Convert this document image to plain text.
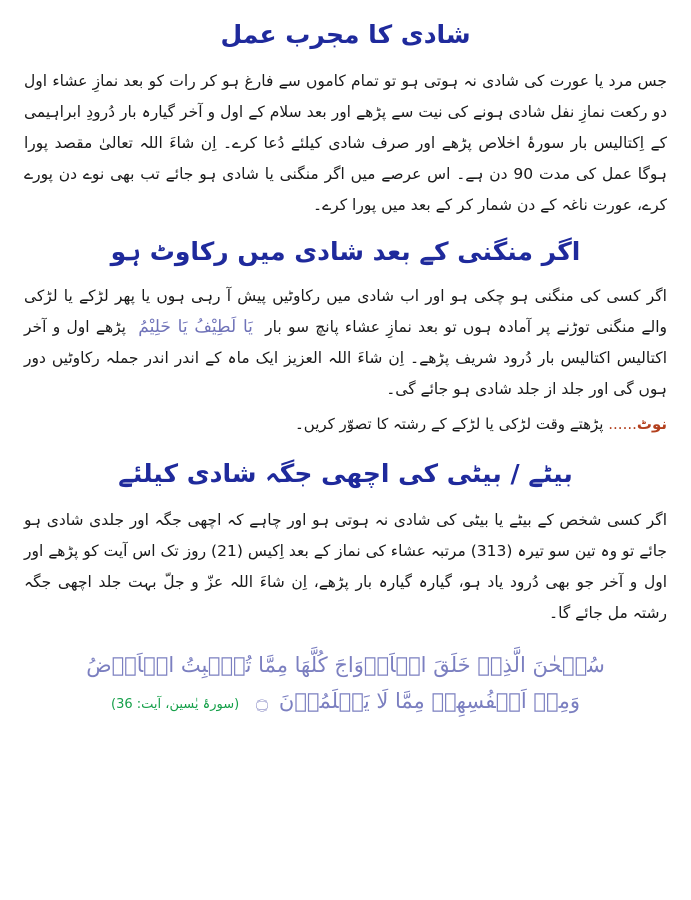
شادی کا مجرب عمل

جس مرد یا عورت کی شادی نہ ہوتی ہو تو تمام کاموں سے فارغ ہو کر رات کو بعد نمازِ عشاء اول دو رکعت نمازِ نفل شادی ہونے کی نیت سے پڑھے اور بعد سلام کے اول و آخر گیارہ بار دُرودِ ابراہیمی کے اِکتالیس بار سورۂ اخلاص پڑھے اور صرف شادی کیلئے دُعا کرے۔ اِن شاءَ اللہ تعالیٰ مقصد پورا ہوگا عمل کی مدت 90 دن ہے۔ اس عرصے میں اگر منگنی یا شادی ہو جائے تب بھی نوے دن پورے کرے، عورت ناغہ کے دن شمار کر کے بعد میں پورا کرے۔

اگر منگنی کے بعد شادی میں رکاوٹ ہو

اگر کسی کی منگنی ہو چکی ہو اور اب شادی میں رکاوٹیں پیش آ رہی ہوں یا پھر لڑکے یا لڑکی والے منگنی توڑنے پر آمادہ ہوں تو بعد نمازِ عشاء پانچ سو بار یَا لَطِیْفُ یَا حَلِیْمُ پڑھے اول و آخر اکتالیس اکتالیس بار دُرود شریف پڑھے۔ اِن شاءَ اللہ العزیز ایک ماہ کے اندر اندر جملہ رکاوٹیں دور ہوں گی اور جلد از جلد شادی ہو جائے گی۔

نوٹ...... پڑھتے وقت لڑکی یا لڑکے کے رشتہ کا تصوّر کریں۔

بیٹے / بیٹی کی اچھی جگہ شادی کیلئے

اگر کسی شخص کے بیٹے یا بیٹی کی شادی نہ ہوتی ہو اور چاہے کہ اچھی جگہ اور جلدی شادی ہو جائے تو وہ تین سو تیرہ (313) مرتبہ عشاء کی نماز کے بعد اِکیس (21) روز تک اس آیت کو پڑھے اور اول و آخر جو بھی دُرود یاد ہو، گیارہ گیارہ بار پڑھے، اِن شاءَ اللہ عزّ و جلّ بہت جلد اچھی جگہ رشتہ مل جائے گا۔

سُبۡحٰنَ الَّذِیۡ خَلَقَ الۡاَزۡوَاجَ کُلَّهَا مِمَّا تُنۡۢبِتُ الۡاَرۡضُ

وَمِنۡ اَنۡفُسِهِمۡ مِمَّا لَا یَعۡلَمُوۡنَ ۝ (سورۂ یٰسین، آیت: 36)
